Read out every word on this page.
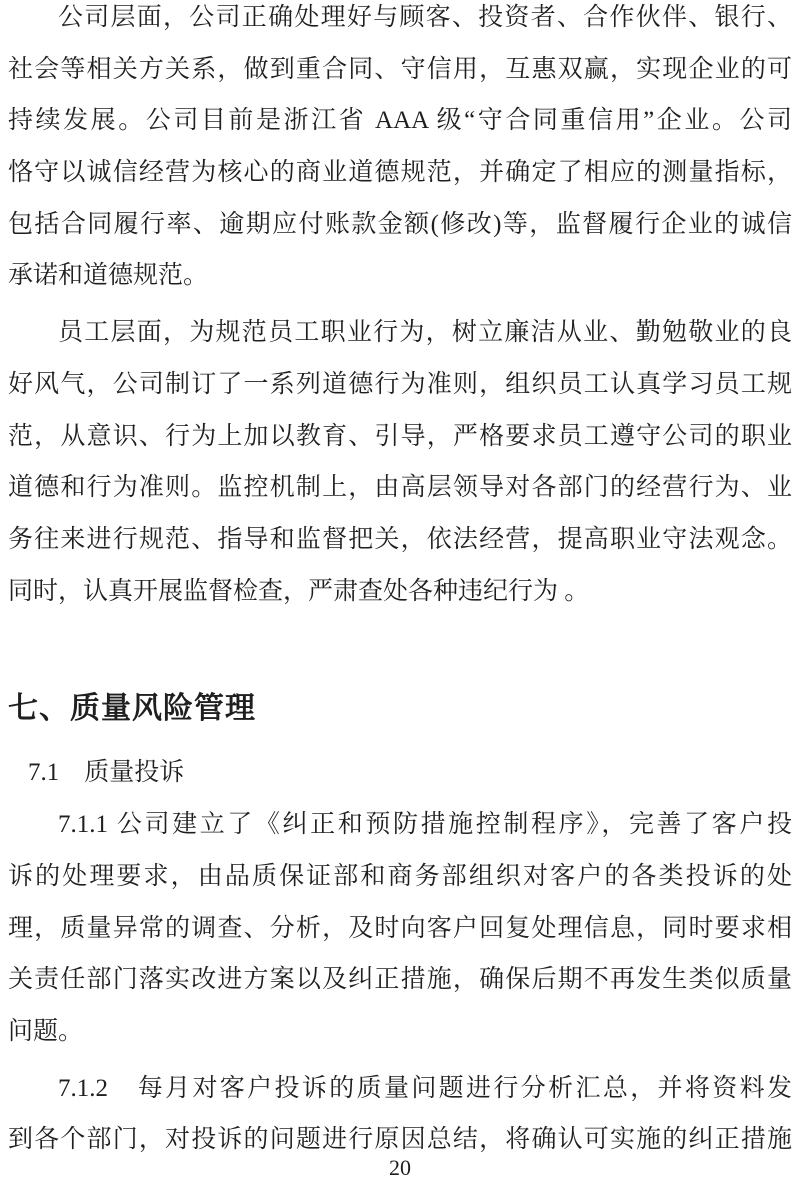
公司层面，公司正确处理好与顾客、投资者、合作伙伴、银行、
社会等相关方关系，做到重合同、守信用，互惠双赢，实现企业的可
持续发展。公司目前是浙江省 AAA 级“守合同重信用”企业。公司
恪守以诚信经营为核心的商业道德规范，并确定了相应的测量指标，
包括合同履行率、逾期应付账款金额(修改)等，监督履行企业的诚信
承诺和道德规范。
员工层面，为规范员工职业行为，树立廉洁从业、勤勉敬业的良
好风气，公司制订了一系列道德行为准则，组织员工认真学习员工规
范，从意识、行为上加以教育、引导，严格要求员工遵守公司的职业
道德和行为准则。监控机制上，由高层领导对各部门的经营行为、业
务往来进行规范、指导和监督把关，依法经营，提高职业守法观念。
同时，认真开展监督检查，严肃查处各种违纪行为 。
七、质量风险管理
7.1　质量投诉
7.1.1 公司建立了《纠正和预防措施控制程序》，完善了客户投
诉的处理要求，由品质保证部和商务部组织对客户的各类投诉的处
理，质量异常的调查、分析，及时向客户回复处理信息，同时要求相
关责任部门落实改进方案以及纠正措施，确保后期不再发生类似质量
问题。
7.1.2　每月对客户投诉的质量问题进行分析汇总，并将资料发
到各个部门，对投诉的问题进行原因总结，将确认可实施的纠正措施
20
